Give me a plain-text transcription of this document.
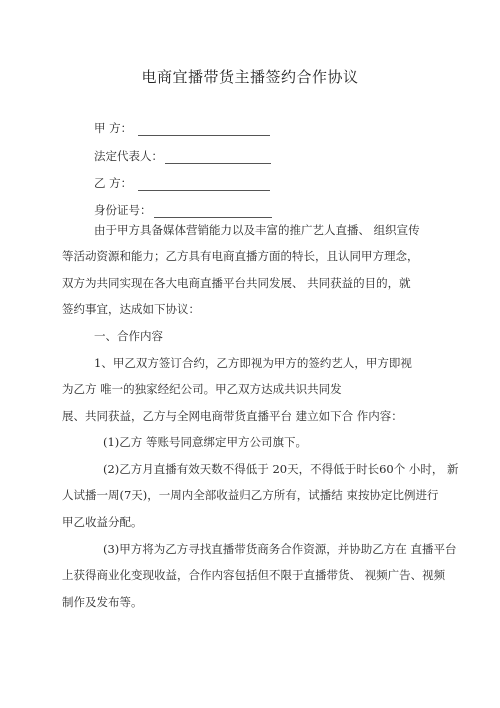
电商宜播带货主播签约合作协议
甲 方：
法定代表人：
乙 方：
身份证号：
由于甲方具备媒体营销能力以及丰富的推广艺人直播、 组织宣传
等活动资源和能力；乙方具有电商直播方面的特长，且认同甲方理念，
双方为共同实现在各大电商直播平台共同发展、 共同获益的目的，就
签约事宜，达成如下协议：
一、合作内容
1、甲乙双方签订合约，乙方即视为甲方的签约艺人，甲方即视
为乙方 唯一的独家经纪公司。甲乙双方达成共识共同发
展、共同获益，乙方与全网电商带货直播平台 建立如下合 作内容：
(1)乙方 等账号同意绑定甲方公司旗下。
(2)乙方月直播有效天数不得低于 20天，不得低于时长60个 小时， 新
人试播一周(7天)，一周内全部收益归乙方所有，试播结 束按协定比例进行
甲乙收益分配。
(3)甲方将为乙方寻找直播带货商务合作资源，并协助乙方在 直播平台
上获得商业化变现收益，合作内容包括但不限于直播带货、 视频广告、视频
制作及发布等。
